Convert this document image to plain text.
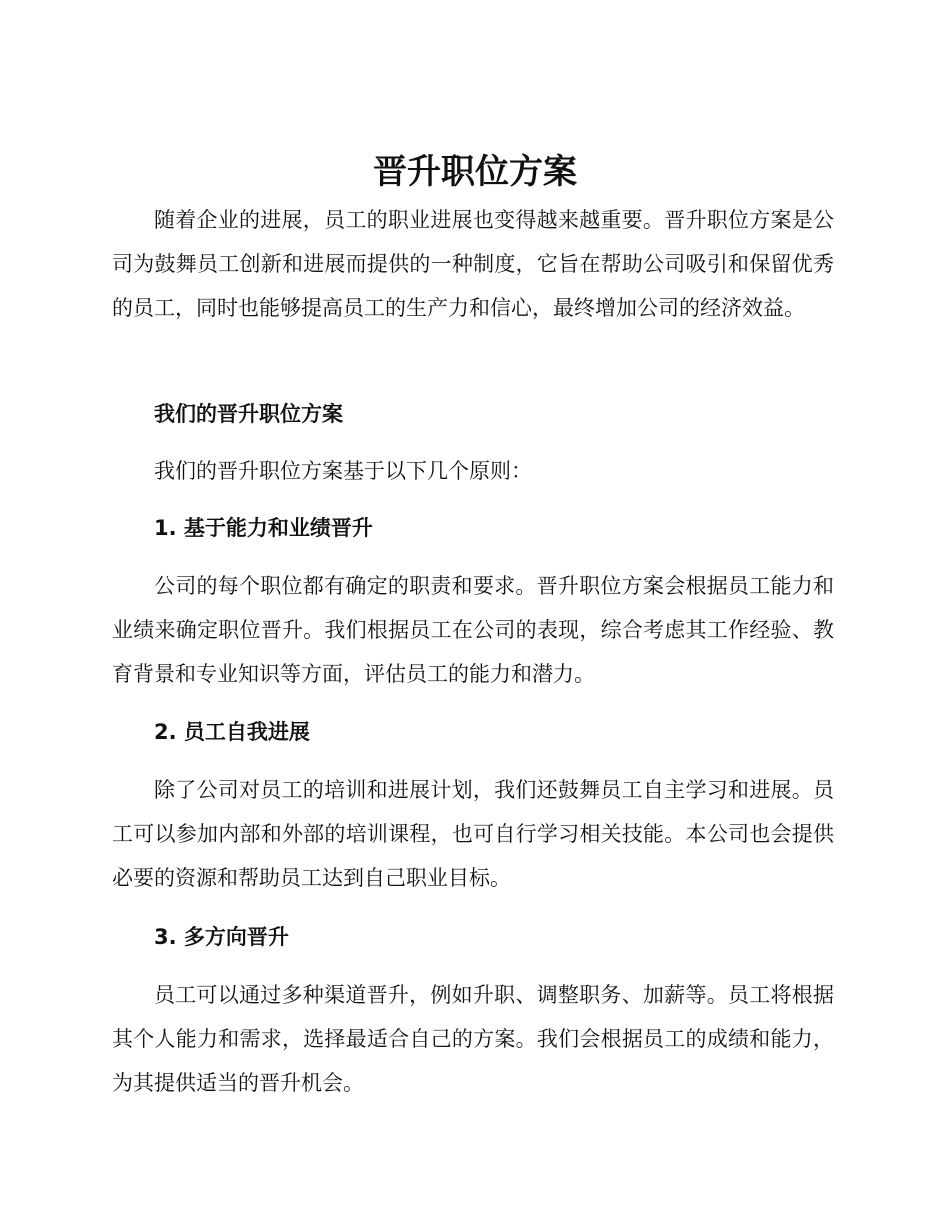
晋升职位方案

随着企业的进展，员工的职业进展也变得越来越重要。晋升职位方案是公司为鼓舞员工创新和进展而提供的一种制度，它旨在帮助公司吸引和保留优秀的员工，同时也能够提高员工的生产力和信心，最终增加公司的经济效益。

我们的晋升职位方案

我们的晋升职位方案基于以下几个原则：

1. 基于能力和业绩晋升

公司的每个职位都有确定的职责和要求。晋升职位方案会根据员工能力和业绩来确定职位晋升。我们根据员工在公司的表现，综合考虑其工作经验、教育背景和专业知识等方面，评估员工的能力和潜力。

2. 员工自我进展

除了公司对员工的培训和进展计划，我们还鼓舞员工自主学习和进展。员工可以参加内部和外部的培训课程，也可自行学习相关技能。本公司也会提供必要的资源和帮助员工达到自己职业目标。

3. 多方向晋升

员工可以通过多种渠道晋升，例如升职、调整职务、加薪等。员工将根据其个人能力和需求，选择最适合自己的方案。我们会根据员工的成绩和能力，为其提供适当的晋升机会。
